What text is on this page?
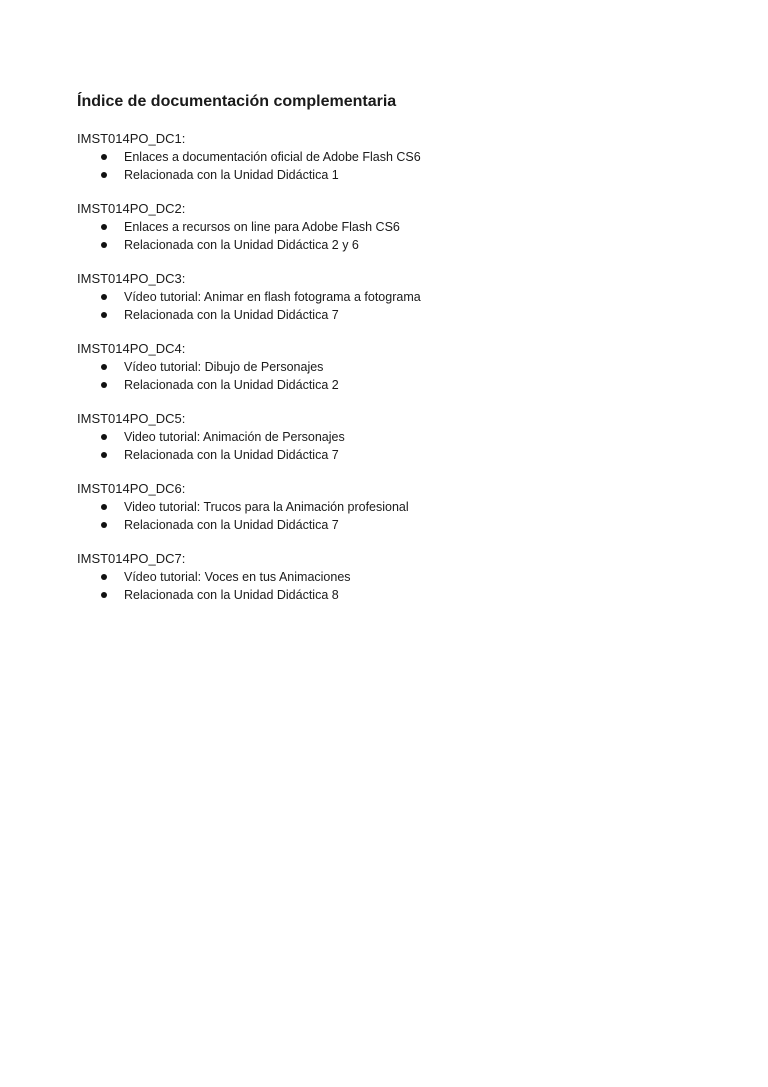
Índice de documentación complementaria

IMST014PO_DC1:

Enlaces a documentación oficial de Adobe Flash CS6
Relacionada con la Unidad Didáctica 1

IMST014PO_DC2:

Enlaces a recursos on line para Adobe Flash CS6
Relacionada con la Unidad Didáctica 2 y 6

IMST014PO_DC3:

Vídeo tutorial: Animar en flash fotograma a fotograma
Relacionada con la Unidad Didáctica 7

IMST014PO_DC4:

Vídeo tutorial: Dibujo de Personajes
Relacionada con la Unidad Didáctica 2

IMST014PO_DC5:

Video tutorial: Animación de Personajes
Relacionada con la Unidad Didáctica 7

IMST014PO_DC6:

Video tutorial: Trucos para la Animación profesional
Relacionada con la Unidad Didáctica 7

IMST014PO_DC7:

Vídeo tutorial: Voces en tus Animaciones
Relacionada con la Unidad Didáctica 8
